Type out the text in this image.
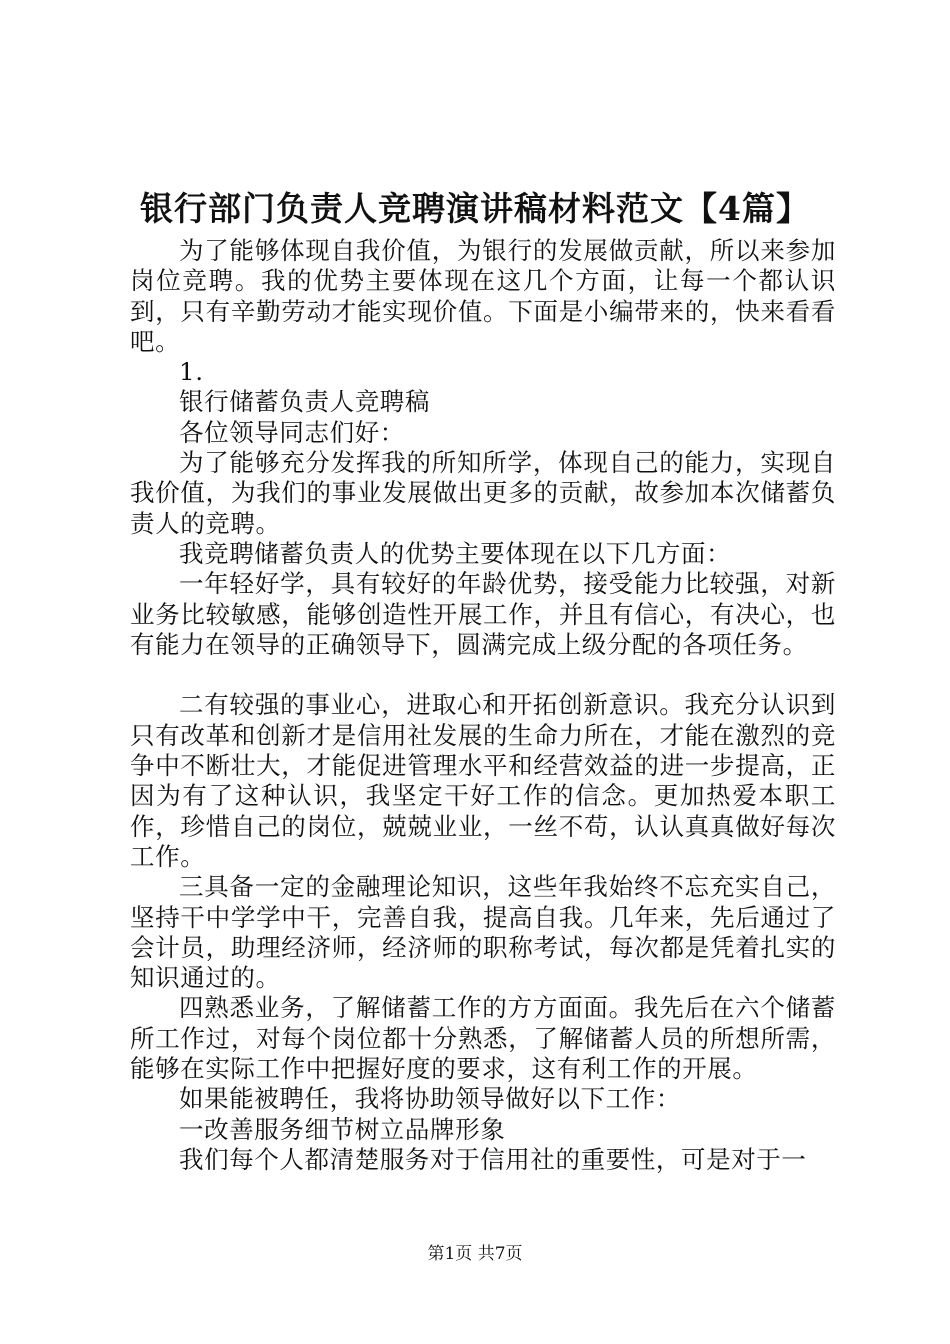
银行部门负责人竞聘演讲稿材料范文【4篇】

为了能够体现自我价值，为银行的发展做贡献，所以来参加岗位竞聘。我的优势主要体现在这几个方面，让每一个都认识到，只有辛勤劳动才能实现价值。下面是小编带来的，快来看看吧。

1.

银行储蓄负责人竞聘稿

各位领导同志们好：

为了能够充分发挥我的所知所学，体现自己的能力，实现自我价值，为我们的事业发展做出更多的贡献，故参加本次储蓄负责人的竞聘。

我竞聘储蓄负责人的优势主要体现在以下几方面：

一年轻好学，具有较好的年龄优势，接受能力比较强，对新业务比较敏感，能够创造性开展工作，并且有信心，有决心，也有能力在领导的正确领导下，圆满完成上级分配的各项任务。

二有较强的事业心，进取心和开拓创新意识。我充分认识到只有改革和创新才是信用社发展的生命力所在，才能在激烈的竞争中不断壮大，才能促进管理水平和经营效益的进一步提高，正因为有了这种认识，我坚定干好工作的信念。更加热爱本职工作，珍惜自己的岗位，兢兢业业，一丝不苟，认认真真做好每次工作。

三具备一定的金融理论知识，这些年我始终不忘充实自己，坚持干中学学中干，完善自我，提高自我。几年来，先后通过了会计员，助理经济师，经济师的职称考试，每次都是凭着扎实的知识通过的。

四熟悉业务，了解储蓄工作的方方面面。我先后在六个储蓄所工作过，对每个岗位都十分熟悉，了解储蓄人员的所想所需，能够在实际工作中把握好度的要求，这有利工作的开展。

如果能被聘任，我将协助领导做好以下工作：

一改善服务细节树立品牌形象

我们每个人都清楚服务对于信用社的重要性，可是对于一

第1页 共7页
